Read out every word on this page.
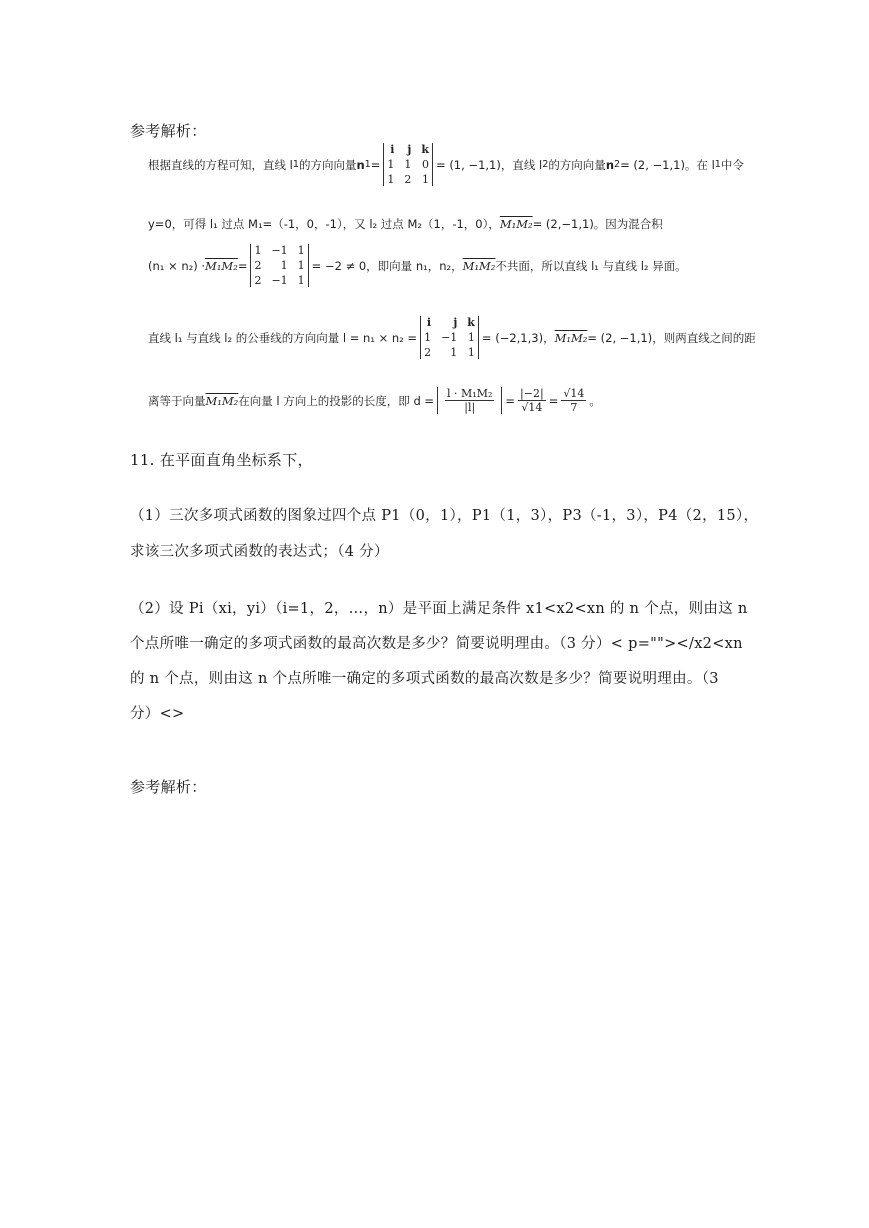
参考解析：
根据直线的方程可知，直线 l 1 的方向向量 n 1 =
i j k
1 1 0
1 2 1
= (1, −1,1)，直线 l 2 的方向向量 n 2 = (2, −1,1)。在 l 1 中令
y=0，可得 l₁ 过点 M₁=（-1，0，-1），又 l₂ 过点 M₂（1，-1，0）， M₁M₂ = (2,−1,1)。因为混合积
(n₁ × n₂) · M₁M₂ =
1 −1 1
2	1 1
2 −1 1
= −2 ≠ 0，即向量 n₁，n₂， M₁M₂ 不共面，所以直线 l₁ 与直线 l₂ 异面。
直线 l₁ 与直线 l₂ 的公垂线的方向向量 l = n₁ × n₂ =
i	j k
1 −1 1
2	1 1
= (−2,1,3)， M₁M₂ = (2, −1,1)，则两直线之间的距
离等于向量 M₁M₂ 在向量 l 方向上的投影的长度，即 $d = \frac{\text{l · M₁M₂}}{|l|} = \frac{|-2|}{√14} = \frac{√14}{7}$ 。
11. 在平面直角坐标系下，
（1）三次多项式函数的图象过四个点 P1（0，1），P1（1，3），P3（-1，3），P4（2，15），
求该三次多项式函数的表达式；（4 分）
（2）设 Pi（xi，yi）（i=1，2，…，n）是平面上满足条件 x1<x2<xn 的 n 个点，则由这 n
个点所唯一确定的多项式函数的最高次数是多少？简要说明理由。（3 分）< p=""></x2<xn
的 n 个点，则由这 n 个点所唯一确定的多项式函数的最高次数是多少？简要说明理由。（3
分）<>
参考解析：
